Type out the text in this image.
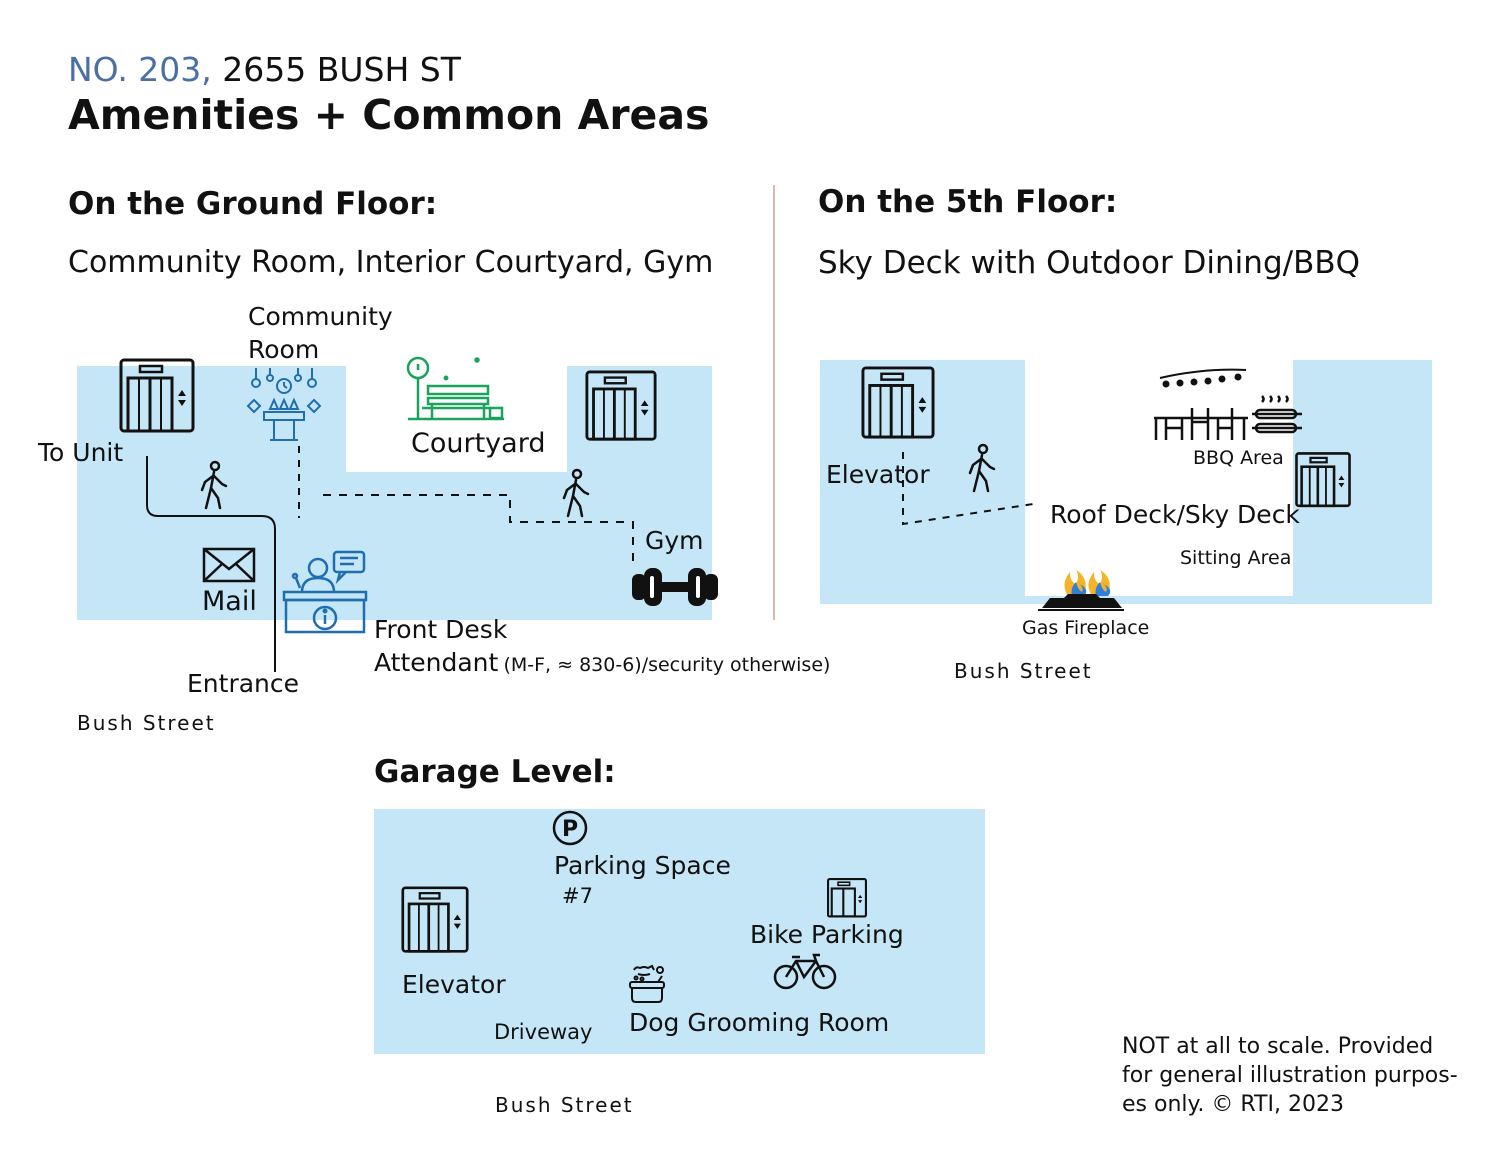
NO. 203, 2655 BUSH ST
Amenities + Common Areas
On the Ground Floor:
Community Room, Interior Courtyard, Gym
Community
Room
Courtyard
To Unit
Gym
Mail
Front Desk
Attendant (M-F, ≈ 830-6)/security otherwise)
Entrance
Bush Street
On the 5th Floor:
Sky Deck with Outdoor Dining/BBQ
Elevator
BBQ Area
Roof Deck/Sky Deck
Sitting Area
Gas Fireplace
Bush Street
Garage Level:
P
Parking Space
#7
Elevator
Driveway
Bike Parking
Dog Grooming Room
Bush Street
NOT at all to scale. Provided
for general illustration purpos-
es only. © RTI, 2023
